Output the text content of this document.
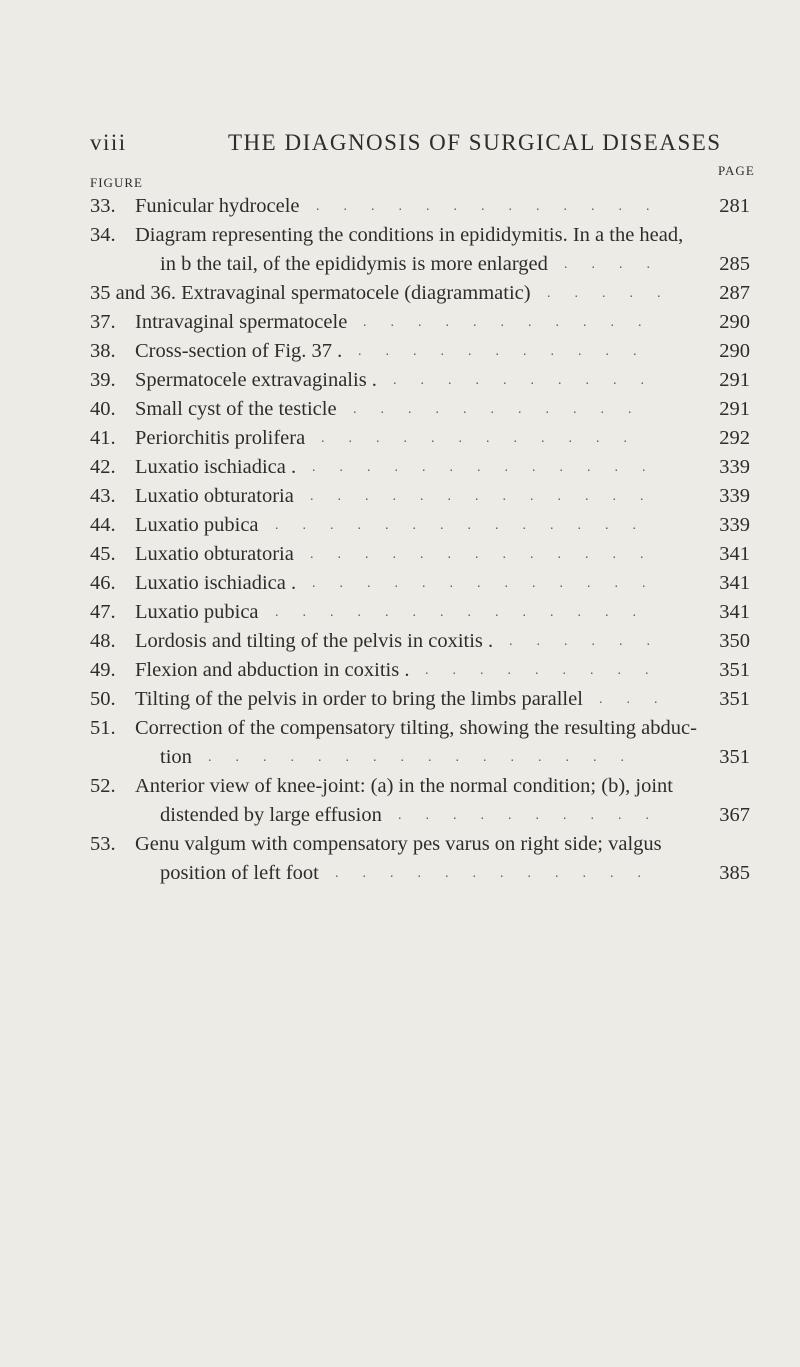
viii	THE DIAGNOSIS OF SURGICAL DISEASES
FIGURE
PAGE
33. Funicular hydrocele	281
.............
34. Diagram representing the conditions in epididymitis. In a the head,
in b the tail, of the epididymis is more enlarged	285
....
35 and 36. Extravaginal spermatocele (diagrammatic)	287
.....
37. Intravaginal spermatocele	290
...........
38. Cross-section of Fig. 37 .	290
...........
39. Spermatocele extravaginalis .	291
..........
40. Small cyst of the testicle	291
...........
41. Periorchitis prolifera	292
............
42. Luxatio ischiadica .	339
.............
43. Luxatio obturatoria	339
.............
44. Luxatio pubica	339
..............
45. Luxatio obturatoria	341
.............
46. Luxatio ischiadica .	341
.............
47. Luxatio pubica	341
..............
48. Lordosis and tilting of the pelvis in coxitis .	350
......
49. Flexion and abduction in coxitis .	351
.........
50. Tilting of the pelvis in order to bring the limbs parallel	351
...
51. Correction of the compensatory tilting, showing the resulting abduc-
tion	351
................
52. Anterior view of knee-joint: (a) in the normal condition; (b), joint
distended by large effusion	367
..........
53. Genu valgum with compensatory pes varus on right side; valgus
position of left foot	385
............
